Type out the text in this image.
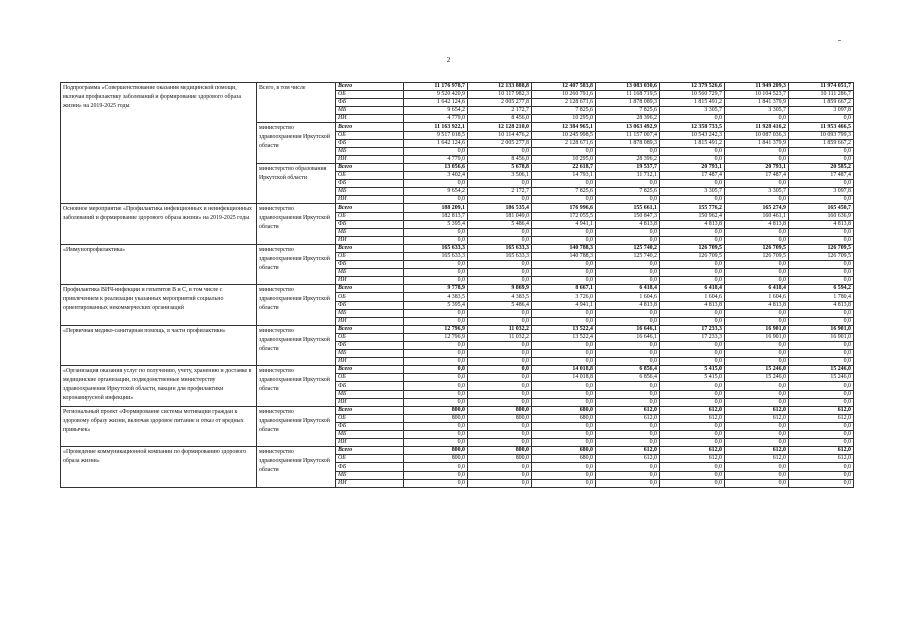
2
Подпрограмма «Совершенствование оказания медицинской помощи, включая профилактику заболеваний и формирование здорового образа жизни» на 2019-2025 годы	Всего, в том числе	Всего	11 176 978,7	12 133 888,8	12 407 583,8	13 083 030,6	12 379 526,6	11 949 209,3	11 974 051,7
		ОБ	9 520 420,9	10 117 982,3	10 260 791,6	11 168 719,5	10 560 729,7	10 104 523,7	10 111 286,7
		ФБ	1 642 124,6	2 005 277,8	2 128 671,6	1 878 089,3	1 815 491,2	1 841 379,9	1 859 667,2
		МБ	9 654,2	2 172,7	7 825,6	7 825,6	3 305,7	3 305,7	3 097,8
		ИИ	4 779,0	8 456,0	10 295,0	28 396,2	0,0	0,0	0,0
	министерство здравоохранения Иркутской области	Всего	11 163 922,1	12 128 210,0	12 384 965,1	13 063 492,9	12 358 733,5	11 928 416,2	11 953 466,5
		ОБ	9 517 018,5	10 114 476,2	10 245 998,5	11 157 007,4	10 543 242,3	10 087 036,3	10 093 799,3
		ФБ	1 642 124,6	2 005 277,8	2 128 671,6	1 878 089,3	1 815 491,2	1 841 379,9	1 859 667,2
		МБ	0,0	0,0	0,0	0,0	0,0	0,0	0,0
		ИИ	4 779,0	8 456,0	10 295,0	28 396,2	0,0	0,0	0,0
	министерство образования Иркутской области	Всего	13 056,6	5 678,8	22 618,7	19 537,7	20 793,1	20 793,1	20 585,2
		ОБ	3 402,4	3 506,1	14 793,1	11 712,1	17 487,4	17 487,4	17 487,4
		ФБ	0,0	0,0	0,0	0,0	0,0	0,0	0,0
		МБ	9 654,2	2 172,7	7 825,6	7 825,6	3 305,7	3 305,7	3 097,8
		ИИ	0,0	0,0	0,0	0,0	0,0	0,0	0,0
Основное мероприятие «Профилактика инфекционных и неинфекционных заболеваний и формирование здорового образа жизни» на 2019-2025 годы	министерство здравоохранения Иркутской области	Всего	188 209,1	186 535,4	176 996,6	155 661,1	155 776,2	165 274,9	165 450,7
		ОБ	182 813,7	181 049,0	172 055,5	150 847,3	150 962,4	160 461,1	160 636,9
		ФБ	5 395,4	5 486,4	4 941,1	4 813,8	4 813,8	4 813,8	4 813,8
		МБ	0,0	0,0	0,0	0,0	0,0	0,0	0,0
		ИИ	0,0	0,0	0,0	0,0	0,0	0,0	0,0
«Иммунопрофилактика»	министерство здравоохранения Иркутской области	Всего	165 633,3	165 633,3	140 788,3	125 740,2	126 709,5	126 709,5	126 709,5
		ОБ	165 633,3	165 633,3	140 788,3	125 740,2	126 709,5	126 709,5	126 709,5
		ФБ	0,0	0,0	0,0	0,0	0,0	0,0	0,0
		МБ	0,0	0,0	0,0	0,0	0,0	0,0	0,0
		ИИ	0,0	0,0	0,0	0,0	0,0	0,0	0,0
Профилактика ВИЧ-инфекции и гепатитов В и С, в том числе с привлечением к реализации указанных мероприятий социально ориентированных некоммерческих организаций	министерство здравоохранения Иркутской области	Всего	9 778,9	9 869,9	8 667,1	6 418,4	6 418,4	6 418,4	6 594,2
		ОБ	4 383,5	4 383,5	3 726,0	1 604,6	1 604,6	1 604,6	1 780,4
		ФБ	5 395,4	5 486,4	4 941,1	4 813,8	4 813,8	4 813,8	4 813,8
		МБ	0,0	0,0	0,0	0,0	0,0	0,0	0,0
		ИИ	0,0	0,0	0,0	0,0	0,0	0,0	0,0
«Первичная медико-санитарная помощь, в части профилактики»	министерство здравоохранения Иркутской области	Всего	12 796,9	11 032,2	13 522,4	16 646,1	17 233,3	16 901,0	16 901,0
		ОБ	12 796,9	11 032,2	13 522,4	16 646,1	17 233,3	16 901,0	16 901,0
		ФБ	0,0	0,0	0,0	0,0	0,0	0,0	0,0
		МБ	0,0	0,0	0,0	0,0	0,0	0,0	0,0
		ИИ	0,0	0,0	0,0	0,0	0,0	0,0	0,0
«Организация оказания услуг по получению, учету, хранению и доставке в медицинские организации, подведомственные министерству здравоохранения Иркутской области, вакцин для профилактики коронавирусной инфекции»	министерство здравоохранения Иркутской области	Всего	0,0	0,0	14 018,8	6 856,4	5 415,0	15 246,0	15 246,0
		ОБ	0,0	0,0	14 018,8	6 856,4	5 415,0	15 246,0	15 246,0
		ФБ	0,0	0,0	0,0	0,0	0,0	0,0	0,0
		МБ	0,0	0,0	0,0	0,0	0,0	0,0	0,0
		ИИ	0,0	0,0	0,0	0,0	0,0	0,0	0,0
Региональный проект «Формирование системы мотивации граждан к здоровому образу жизни, включая здоровое питание и отказ от вредных привычек»	министерство здравоохранения Иркутской области	Всего	800,0	800,0	680,0	612,0	612,0	612,0	612,0
		ОБ	800,0	800,0	680,0	612,0	612,0	612,0	612,0
		ФБ	0,0	0,0	0,0	0,0	0,0	0,0	0,0
		МБ	0,0	0,0	0,0	0,0	0,0	0,0	0,0
		ИИ	0,0	0,0	0,0	0,0	0,0	0,0	0,0
«Проведение коммуникационной компании по формированию здорового образа жизни»	министерство здравоохранения Иркутской области	Всего	800,0	800,0	680,0	612,0	612,0	612,0	612,0
		ОБ	800,0	800,0	680,0	612,0	612,0	612,0	612,0
		ФБ	0,0	0,0	0,0	0,0	0,0	0,0	0,0
		МБ	0,0	0,0	0,0	0,0	0,0	0,0	0,0
		ИИ	0,0	0,0	0,0	0,0	0,0	0,0	0,0
